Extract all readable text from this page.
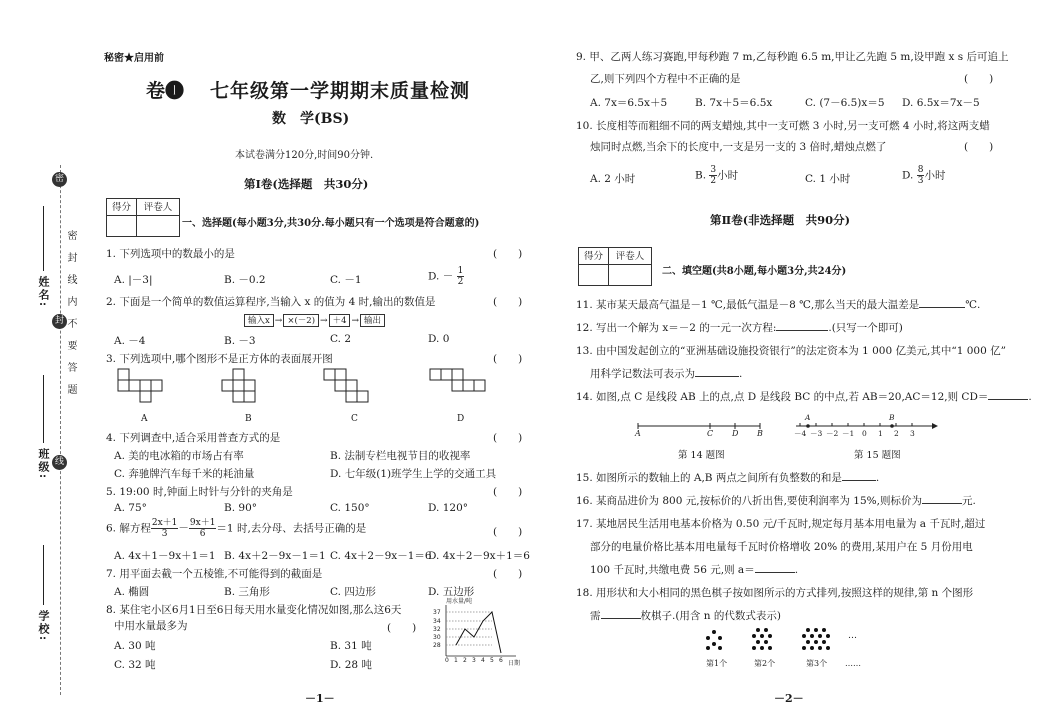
密
封
线
密　封　线　内　不　要　答　题
姓名:
班级:
学校:
秘密★启用前
卷❶ 七年级第一学期期末质量检测
数　学(BS)
本试卷满分120分,时间90分钟.
第Ⅰ卷(选择题　共30分)
得分	评卷人
一、选择题(每小题3分,共30分.每小题只有一个选项是符合题意的)
1. 下列选项中的数最小的是	(　　)
A. |－3|	B. －0.2	C. －1	D. － $\frac{1}{2}$
2. 下面是一个简单的数值运算程序,当输入 x 的值为 4 时,输出的数值是
输入x → ×(－2) → ＋4 → 输出
(　　)
A. －4	B. －3	C. 2	D. 0
3. 下列选项中,哪个图形不是正方体的表面展开图	(　　)
A	B	C	D
4. 下列调查中,适合采用普查方式的是	(　　)
A. 美的电冰箱的市场占有率	B. 法制专栏电视节目的收视率
C. 奔驰牌汽车每千米的耗油量	D. 七年级(1)班学生上学的交通工具
5. 19:00 时,钟面上时针与分针的夹角是	(　　)
A. 75°	B. 90°	C. 150°	D. 120°
6. 解方程 $\frac{2x+1}{3} - \frac{9x+1}{6} =1$ 时,去分母、去括号正确的是	(　　)
A. 4x＋1－9x＋1＝1 B. 4x＋2－9x－1＝1 C. 4x＋2－9x－1＝6
D. 4x＋2－9x＋1＝6
7. 用平面去截一个五棱锥,不可能得到的截面是	(　　)
A. 椭圆	B. 三角形	C. 四边形	D. 五边形
8. 某住宅小区6月1日至6日每天用水量变化情况如图,那么这6天
中用水量最多为	(　　)
A. 30 吨	B. 31 吨
C. 32 吨	D. 28 吨
用水量/吨
日期
37
34
32
30
28
0 1 2 3 4 5 6
－1－
9. 甲、乙两人练习赛跑,甲每秒跑 7 m,乙每秒跑 6.5 m,甲让乙先跑 5 m,设甲跑 x s 后可追上
乙,则下列四个方程中不正确的是	(　　)
A. 7x＝6.5x＋5	B. 7x＋5＝6.5x	C. (7－6.5)x＝5 D. 6.5x＝7x－5
10. 长度相等而粗细不同的两支蜡烛,其中一支可燃 3 小时,另一支可燃 4 小时,将这两支蜡
烛同时点燃,当余下的长度中,一支是另一支的 3 倍时,蜡烛点燃了	(　　)
A. 2 小时	B. $\frac{3}{2}$ 小时	C. 1 小时	D. $\frac{8}{3}$ 小时
第Ⅱ卷(非选择题　共90分)
得分	评卷人
二、填空题(共8小题,每小题3分,共24分)
11. 某市某天最高气温是－1 ℃,最低气温是－8 ℃,那么当天的最大温差是	℃.
12. 写出一个解为 x＝－2 的一元一次方程:	.(只写一个即可)
13. 由中国发起创立的“亚洲基础设施投资银行”的法定资本为 1 000 亿美元,其中“1 000 亿”
用科学记数法可表示为	.
14. 如图,点 C 是线段 AB 上的点,点 D 是线段 BC 的中点,若 AB＝20,AC＝12,则 CD＝	.
A	C D B
第 14 题图
A	B
－4 －3 －2 －1 0 1 2 3
第 15 题图
15. 如图所示的数轴上的 A,B 两点之间所有负整数的和是	.
16. 某商品进价为 800 元,按标价的八折出售,要使利润率为 15%,则标价为	元.
17. 某地居民生活用电基本价格为 0.50 元/千瓦时,规定每月基本用电量为 a 千瓦时,超过
部分的电量价格比基本用电量每千瓦时价格增收 20% 的费用,某用户在 5 月份用电
100 千瓦时,共缴电费 56 元,则 a＝	.
18. 用形状和大小相同的黑色棋子按如图所示的方式排列,按照这样的规律,第 n 个图形
需	枚棋子.(用含 n 的代数式表示)
…
第1个	第2个	第3个 ……
－2－
